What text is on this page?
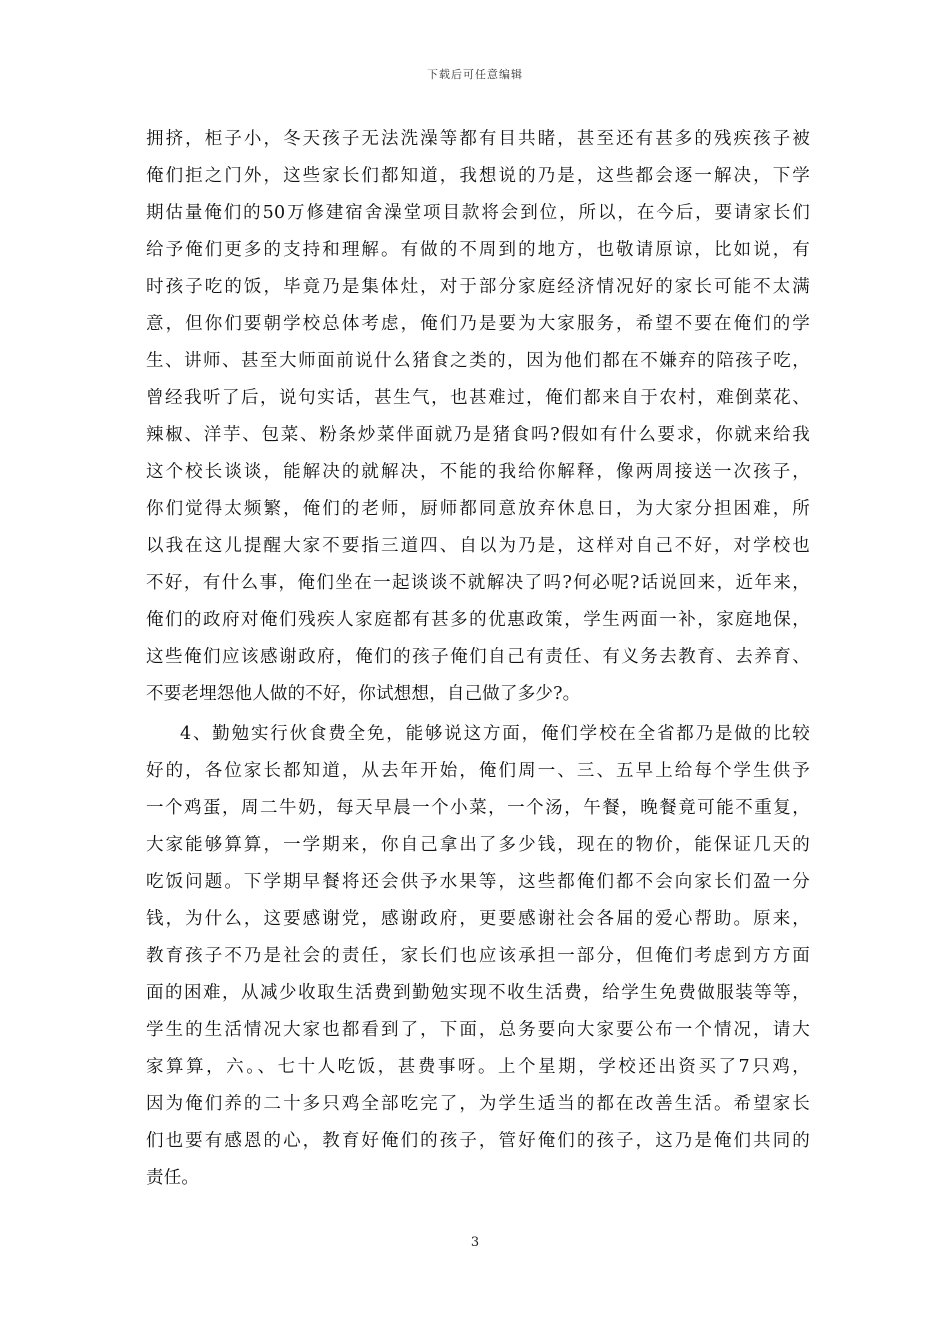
下载后可任意编辑
拥挤，柜子小，冬天孩子无法洗澡等都有目共睹，甚至还有甚多的残疾孩子被
俺们拒之门外，这些家长们都知道，我想说的乃是，这些都会逐一解决，下学
期估量俺们的50万修建宿舍澡堂项目款将会到位，所以，在今后，要请家长们
给予俺们更多的支持和理解。有做的不周到的地方，也敬请原谅，比如说，有
时孩子吃的饭，毕竟乃是集体灶，对于部分家庭经济情况好的家长可能不太满
意，但你们要朝学校总体考虑，俺们乃是要为大家服务，希望不要在俺们的学
生、讲师、甚至大师面前说什么猪食之类的，因为他们都在不嫌弃的陪孩子吃，
曾经我听了后，说句实话，甚生气，也甚难过，俺们都来自于农村，难倒菜花、
辣椒、洋芋、包菜、粉条炒菜伴面就乃是猪食吗?假如有什么要求，你就来给我
这个校长谈谈，能解决的就解决，不能的我给你解释，像两周接送一次孩子，
你们觉得太频繁，俺们的老师，厨师都同意放弃休息日，为大家分担困难，所
以我在这儿提醒大家不要指三道四、自以为乃是，这样对自己不好，对学校也
不好，有什么事，俺们坐在一起谈谈不就解决了吗?何必呢?话说回来，近年来，
俺们的政府对俺们残疾人家庭都有甚多的优惠政策，学生两面一补，家庭地保，
这些俺们应该感谢政府，俺们的孩子俺们自己有责任、有义务去教育、去养育、
不要老埋怨他人做的不好，你试想想，自己做了多少?。
4、勤勉实行伙食费全免，能够说这方面，俺们学校在全省都乃是做的比较
好的，各位家长都知道，从去年开始，俺们周一、三、五早上给每个学生供予
一个鸡蛋，周二牛奶，每天早晨一个小菜，一个汤，午餐，晚餐竟可能不重复，
大家能够算算，一学期来，你自己拿出了多少钱，现在的物价，能保证几天的
吃饭问题。下学期早餐将还会供予水果等，这些都俺们都不会向家长们盈一分
钱，为什么，这要感谢党，感谢政府，更要感谢社会各届的爱心帮助。原来，
教育孩子不乃是社会的责任，家长们也应该承担一部分，但俺们考虑到方方面
面的困难，从减少收取生活费到勤勉实现不收生活费，给学生免费做服装等等，
学生的生活情况大家也都看到了，下面，总务要向大家要公布一个情况，请大
家算算，六。、七十人吃饭，甚费事呀。上个星期，学校还出资买了7只鸡，
因为俺们养的二十多只鸡全部吃完了，为学生适当的都在改善生活。希望家长
们也要有感恩的心，教育好俺们的孩子，管好俺们的孩子，这乃是俺们共同的
责任。
3
